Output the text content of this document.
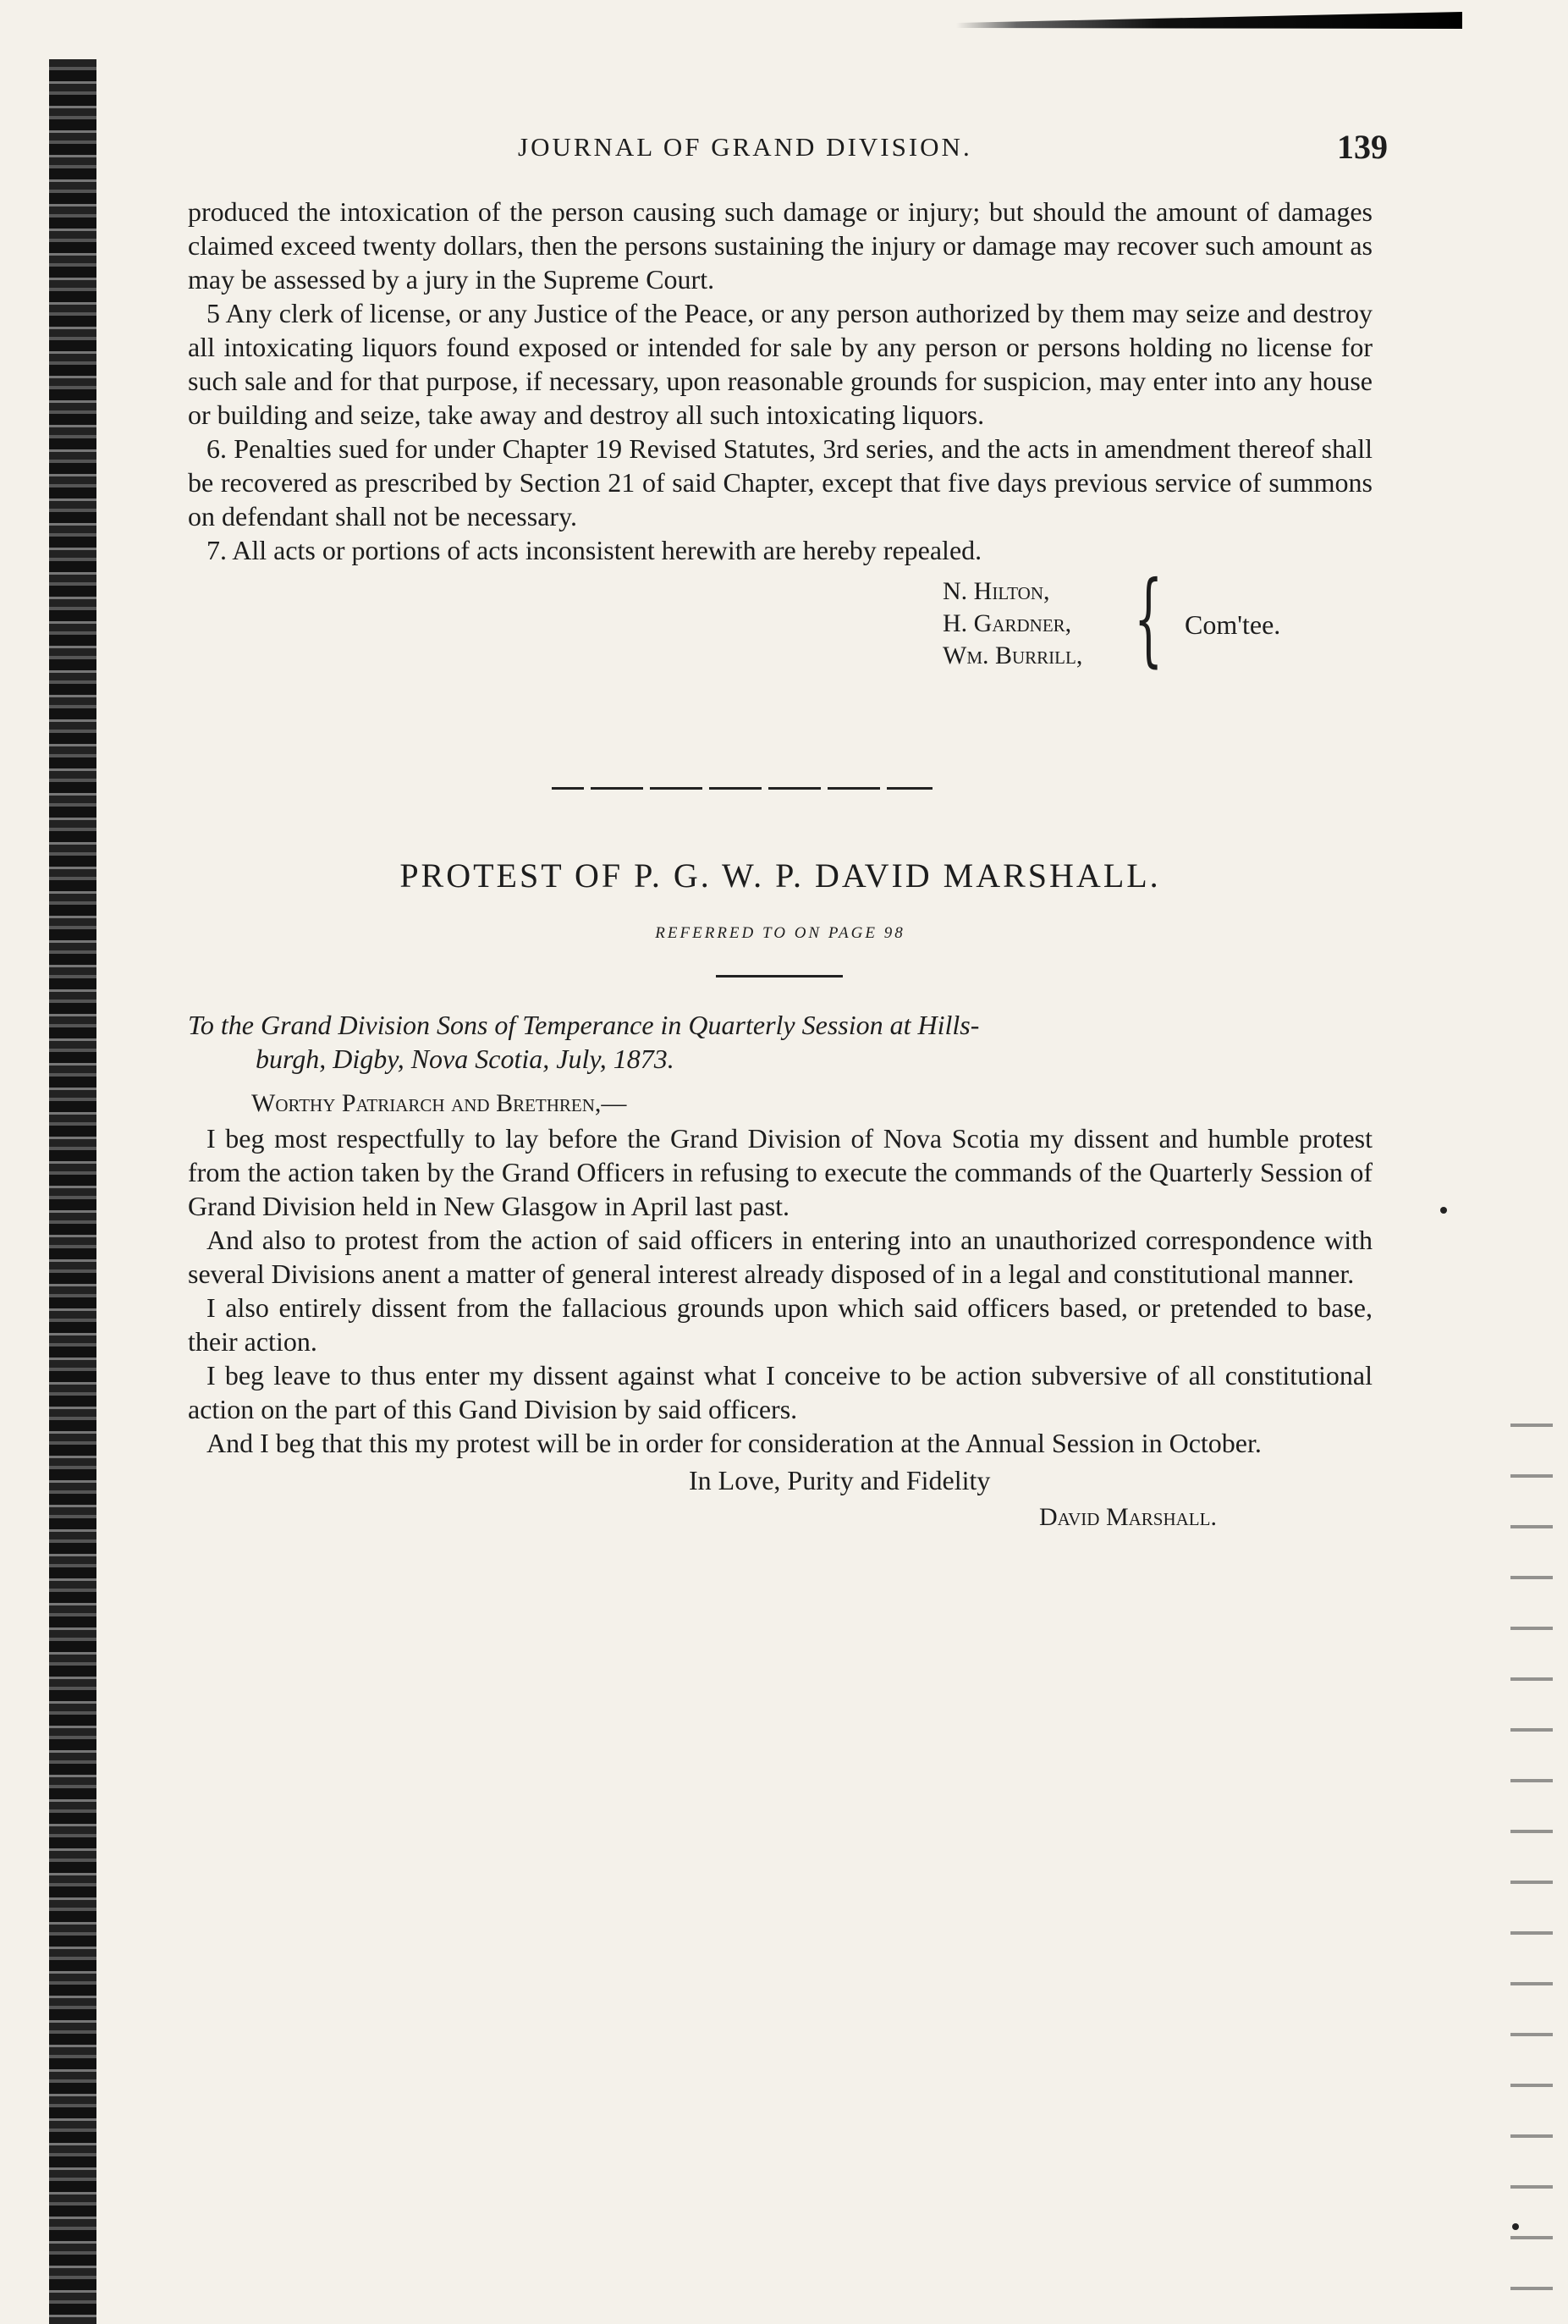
JOURNAL OF GRAND DIVISION.	139

produced the intoxication of the person causing such damage or injury; but should the amount of damages claimed exceed twenty dollars, then the persons sustaining the injury or damage may recover such amount as may be assessed by a jury in the Supreme Court.

5 Any clerk of license, or any Justice of the Peace, or any person authorized by them may seize and destroy all intoxicating liquors found exposed or intended for sale by any person or persons holding no license for such sale and for that purpose, if necessary, upon reasonable grounds for suspicion, may enter into any house or building and seize, take away and destroy all such intoxicating liquors.

6. Penalties sued for under Chapter 19 Revised Statutes, 3rd series, and the acts in amendment thereof shall be recovered as prescribed by Section 21 of said Chapter, except that five days previous service of summons on defendant shall not be necessary.

7. All acts or portions of acts inconsistent herewith are hereby repealed.

N. Hilton,
H. Gardner,
Wm. Burrill, { Com'tee.
PROTEST OF P. G. W. P. DAVID MARSHALL.
REFERRED TO ON PAGE 98
To the Grand Division Sons of Temperance in Quarterly Session at Hills-
burgh, Digby, Nova Scotia, July, 1873.
Worthy Patriarch and Brethren,—

I beg most respectfully to lay before the Grand Division of Nova Scotia my dissent and humble protest from the action taken by the Grand Officers in refusing to execute the commands of the Quarterly Session of Grand Division held in New Glasgow in April last past.

And also to protest from the action of said officers in entering into an unauthorized correspondence with several Divisions anent a matter of general interest already disposed of in a legal and constitutional manner.

I also entirely dissent from the fallacious grounds upon which said officers based, or pretended to base, their action.

I beg leave to thus enter my dissent against what I conceive to be action subversive of all constitutional action on the part of this Gand Division by said officers.

And I beg that this my protest will be in order for consideration at the Annual Session in October.

In Love, Purity and Fidelity
David Marshall.
